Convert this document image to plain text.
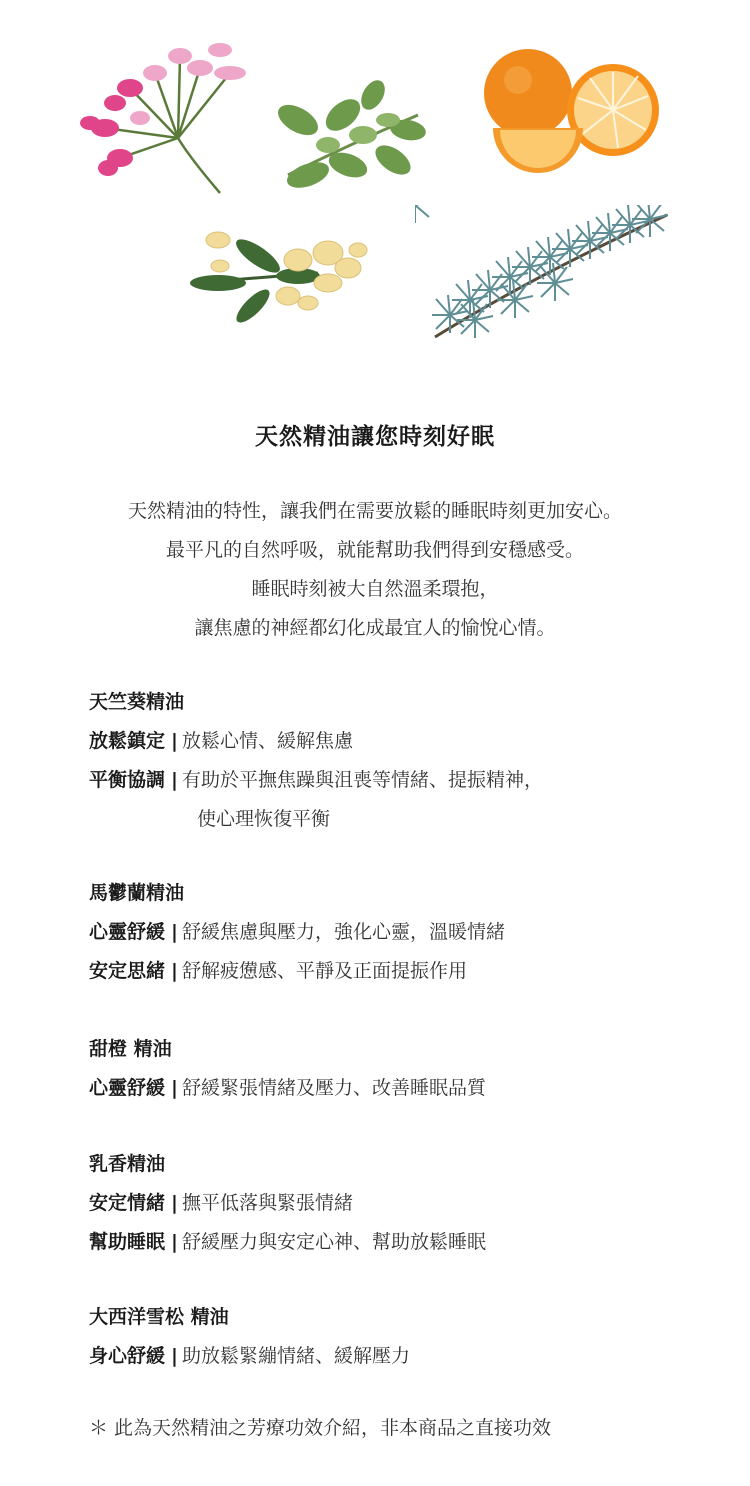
天然精油讓您時刻好眠
天然精油的特性，讓我們在需要放鬆的睡眠時刻更加安心。
最平凡的自然呼吸，就能幫助我們得到安穩感受。
睡眠時刻被大自然溫柔環抱，
讓焦慮的神經都幻化成最宜人的愉悅心情。
天竺葵精油
放鬆鎮定 | 放鬆心情、緩解焦慮
平衡協調 | 有助於平撫焦躁與沮喪等情緒、提振精神，
使心理恢復平衡
馬鬱蘭精油
心靈舒緩 | 舒緩焦慮與壓力，強化心靈，溫暖情緒
安定思緒 | 舒解疲憊感、平靜及正面提振作用
甜橙 精油
心靈舒緩 | 舒緩緊張情緒及壓力、改善睡眠品質
乳香精油
安定情緒 | 撫平低落與緊張情緒
幫助睡眠 | 舒緩壓力與安定心神、幫助放鬆睡眠
大西洋雪松 精油
身心舒緩 | 助放鬆緊繃情緒、緩解壓力
＊ 此為天然精油之芳療功效介紹，非本商品之直接功效
